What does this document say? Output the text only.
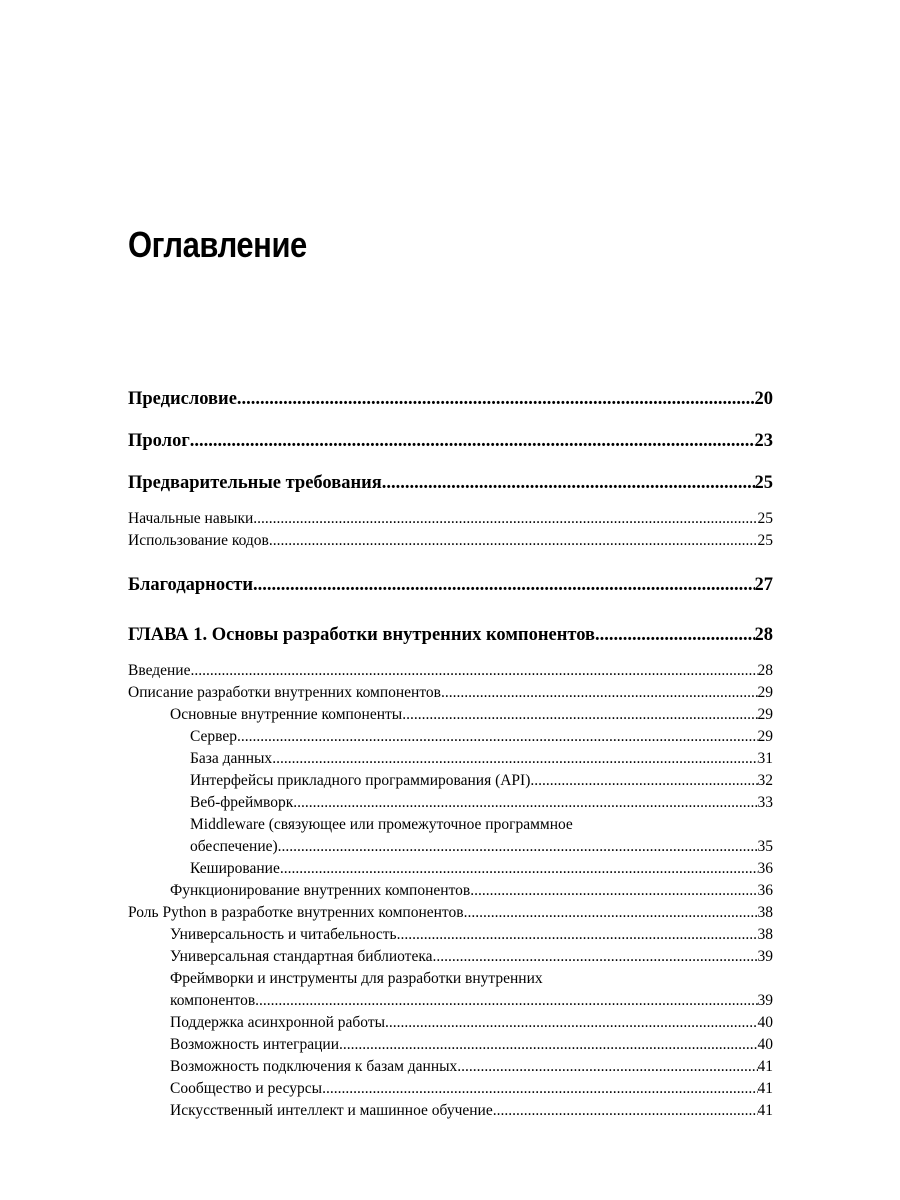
Оглавление
Предисловие .....	20
Пролог .....	23
Предварительные требования .....	25
Начальные навыки .....	25
Использование кодов .....	25
Благодарности .....	27
ГЛАВА 1. Основы разработки внутренних компонентов .....	28
Введение .....	28
Описание разработки внутренних компонентов .....	29
Основные внутренние компоненты .....	29
Сервер .....	29
База данных .....	31
Интерфейсы прикладного программирования (API) .....	32
Веб-фреймворк .....	33
Middleware (связующее или промежуточное программное
обеспечение) .....	35
Кеширование .....	36
Функционирование внутренних компонентов .....	36
Роль Python в разработке внутренних компонентов .....	38
Универсальность и читабельность .....	38
Универсальная стандартная библиотека .....	39
Фреймворки и инструменты для разработки внутренних
компонентов .....	39
Поддержка асинхронной работы .....	40
Возможность интеграции .....	40
Возможность подключения к базам данных .....	41
Сообщество и ресурсы .....	41
Искусственный интеллект и машинное обучение .....	41
